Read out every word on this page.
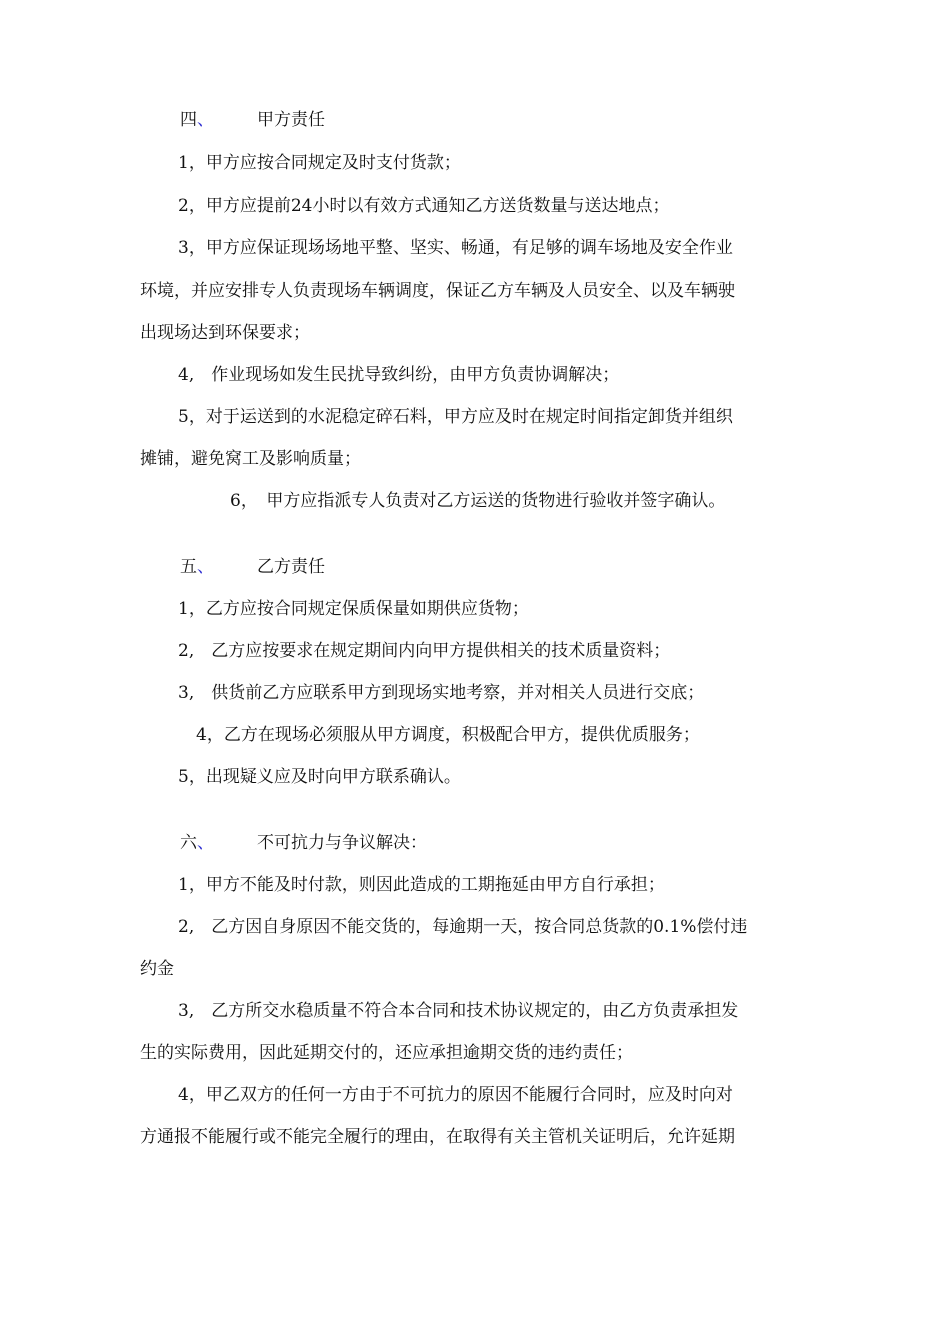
四、	甲方责任
1，甲方应按合同规定及时支付货款；
2，甲方应提前24小时以有效方式通知乙方送货数量与送达地点；
3，甲方应保证现场场地平整、坚实、畅通，有足够的调车场地及安全作业
环境，并应安排专人负责现场车辆调度，保证乙方车辆及人员安全、以及车辆驶
出现场达到环保要求；
4,　作业现场如发生民扰导致纠纷，由甲方负责协调解决；
5，对于运送到的水泥稳定碎石料，甲方应及时在规定时间指定卸货并组织
摊铺，避免窝工及影响质量；
6，　甲方应指派专人负责对乙方运送的货物进行验收并签字确认。
五、	乙方责任
1，乙方应按合同规定保质保量如期供应货物；
2,　乙方应按要求在规定期间内向甲方提供相关的技术质量资料；
3,　供货前乙方应联系甲方到现场实地考察，并对相关人员进行交底；
4，乙方在现场必须服从甲方调度，积极配合甲方，提供优质服务；
5，出现疑义应及时向甲方联系确认。
六、	不可抗力与争议解决：
1，甲方不能及时付款，则因此造成的工期拖延由甲方自行承担；
2,　乙方因自身原因不能交货的，每逾期一天，按合同总货款的0.1%偿付违
约金
3,　乙方所交水稳质量不符合本合同和技术协议规定的，由乙方负责承担发
生的实际费用，因此延期交付的，还应承担逾期交货的违约责任；
4，甲乙双方的任何一方由于不可抗力的原因不能履行合同时，应及时向对
方通报不能履行或不能完全履行的理由，在取得有关主管机关证明后，允许延期
